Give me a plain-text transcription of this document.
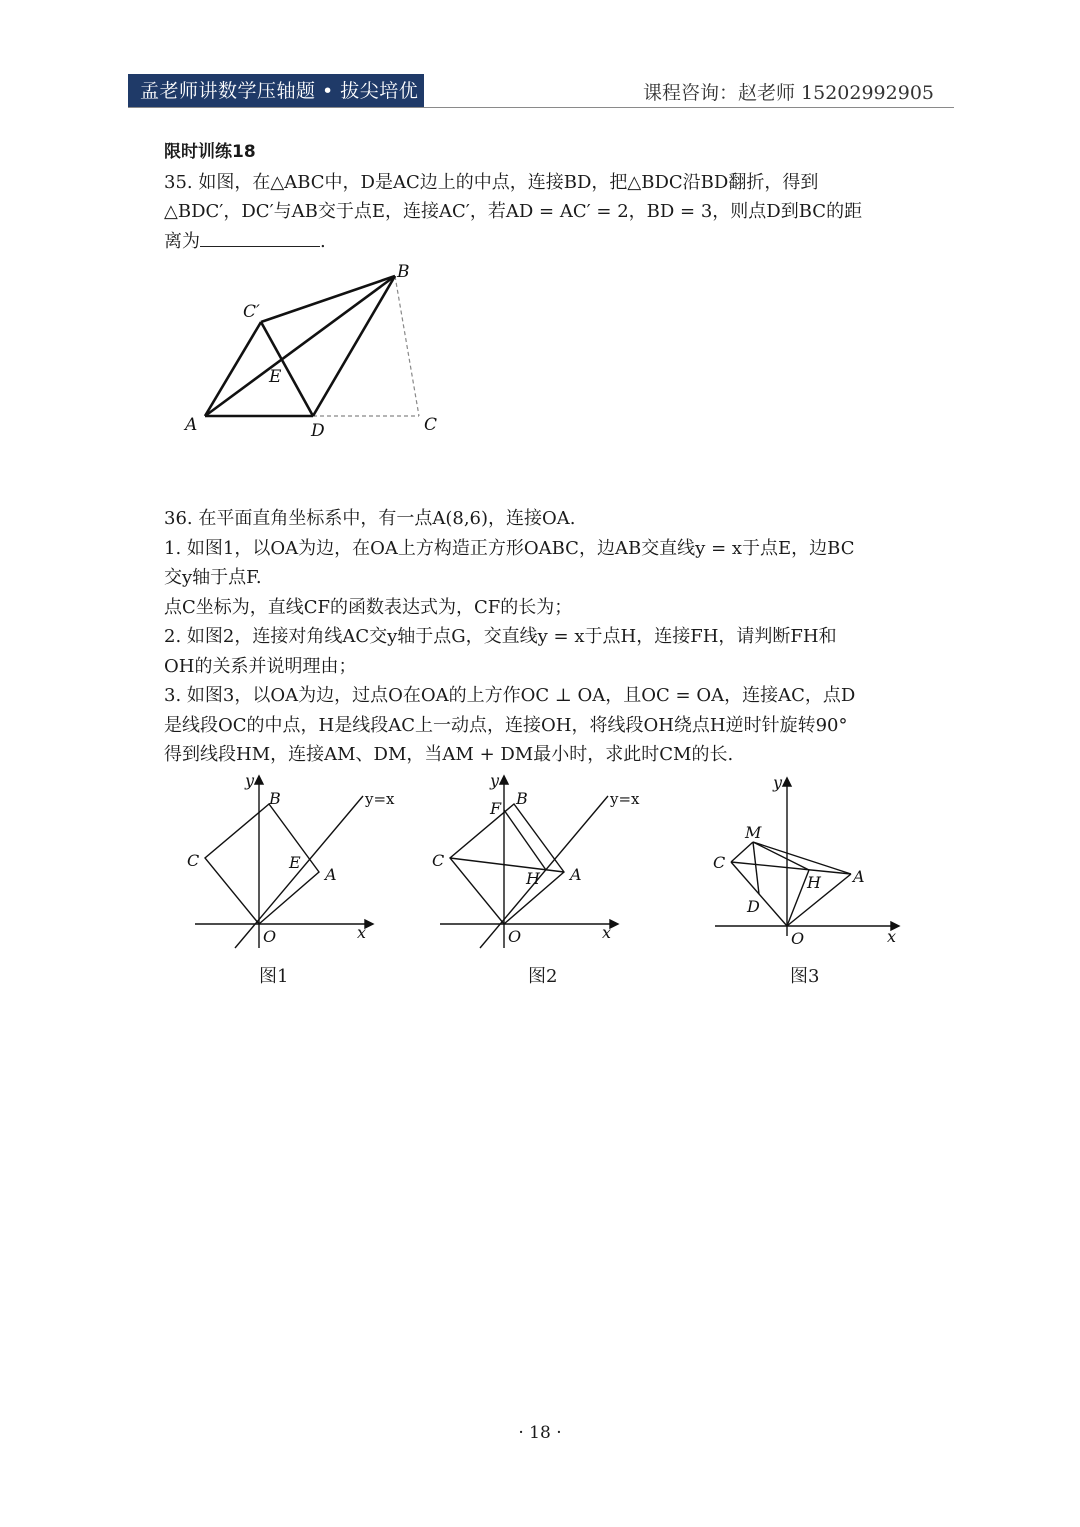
孟老师讲数学压轴题 • 拔尖培优	课程咨询：赵老师 15202992905

限时训练18

35. 如图，在△ABC中，D是AC边上的中点，连接BD，把△BDC沿BD翻折，得到

△BDC′，DC′与AB交于点E，连接AC′，若AD = AC′ = 2，BD = 3，则点D到BC的距

离为	.

A
B
C
D
E
C′

36. 在平面直角坐标系中，有一点A(8,6)，连接OA.

1. 如图1，以OA为边，在OA上方构造正方形OABC，边AB交直线y = x于点E，边BC

交y轴于点F.

点C坐标为，直线CF的函数表达式为，CF的长为；

2. 如图2，连接对角线AC交y轴于点G，交直线y = x于点H，连接FH，请判断FH和

OH的关系并说明理由；

3. 如图3，以OA为边，过点O在OA的上方作OC ⊥ OA，且OC = OA，连接AC，点D

是线段OC的中点，H是线段AC上一动点，连接OH，将线段OH绕点H逆时针旋转90°

得到线段HM，连接AM、DM，当AM + DM最小时，求此时CM的长.

y
x
O
A
B
C	E
y=x
图1
y
x
O
A
B
C
F
H
y=x
图2
y
x
O
A
C
M
H
D
图3
· 18 ·
